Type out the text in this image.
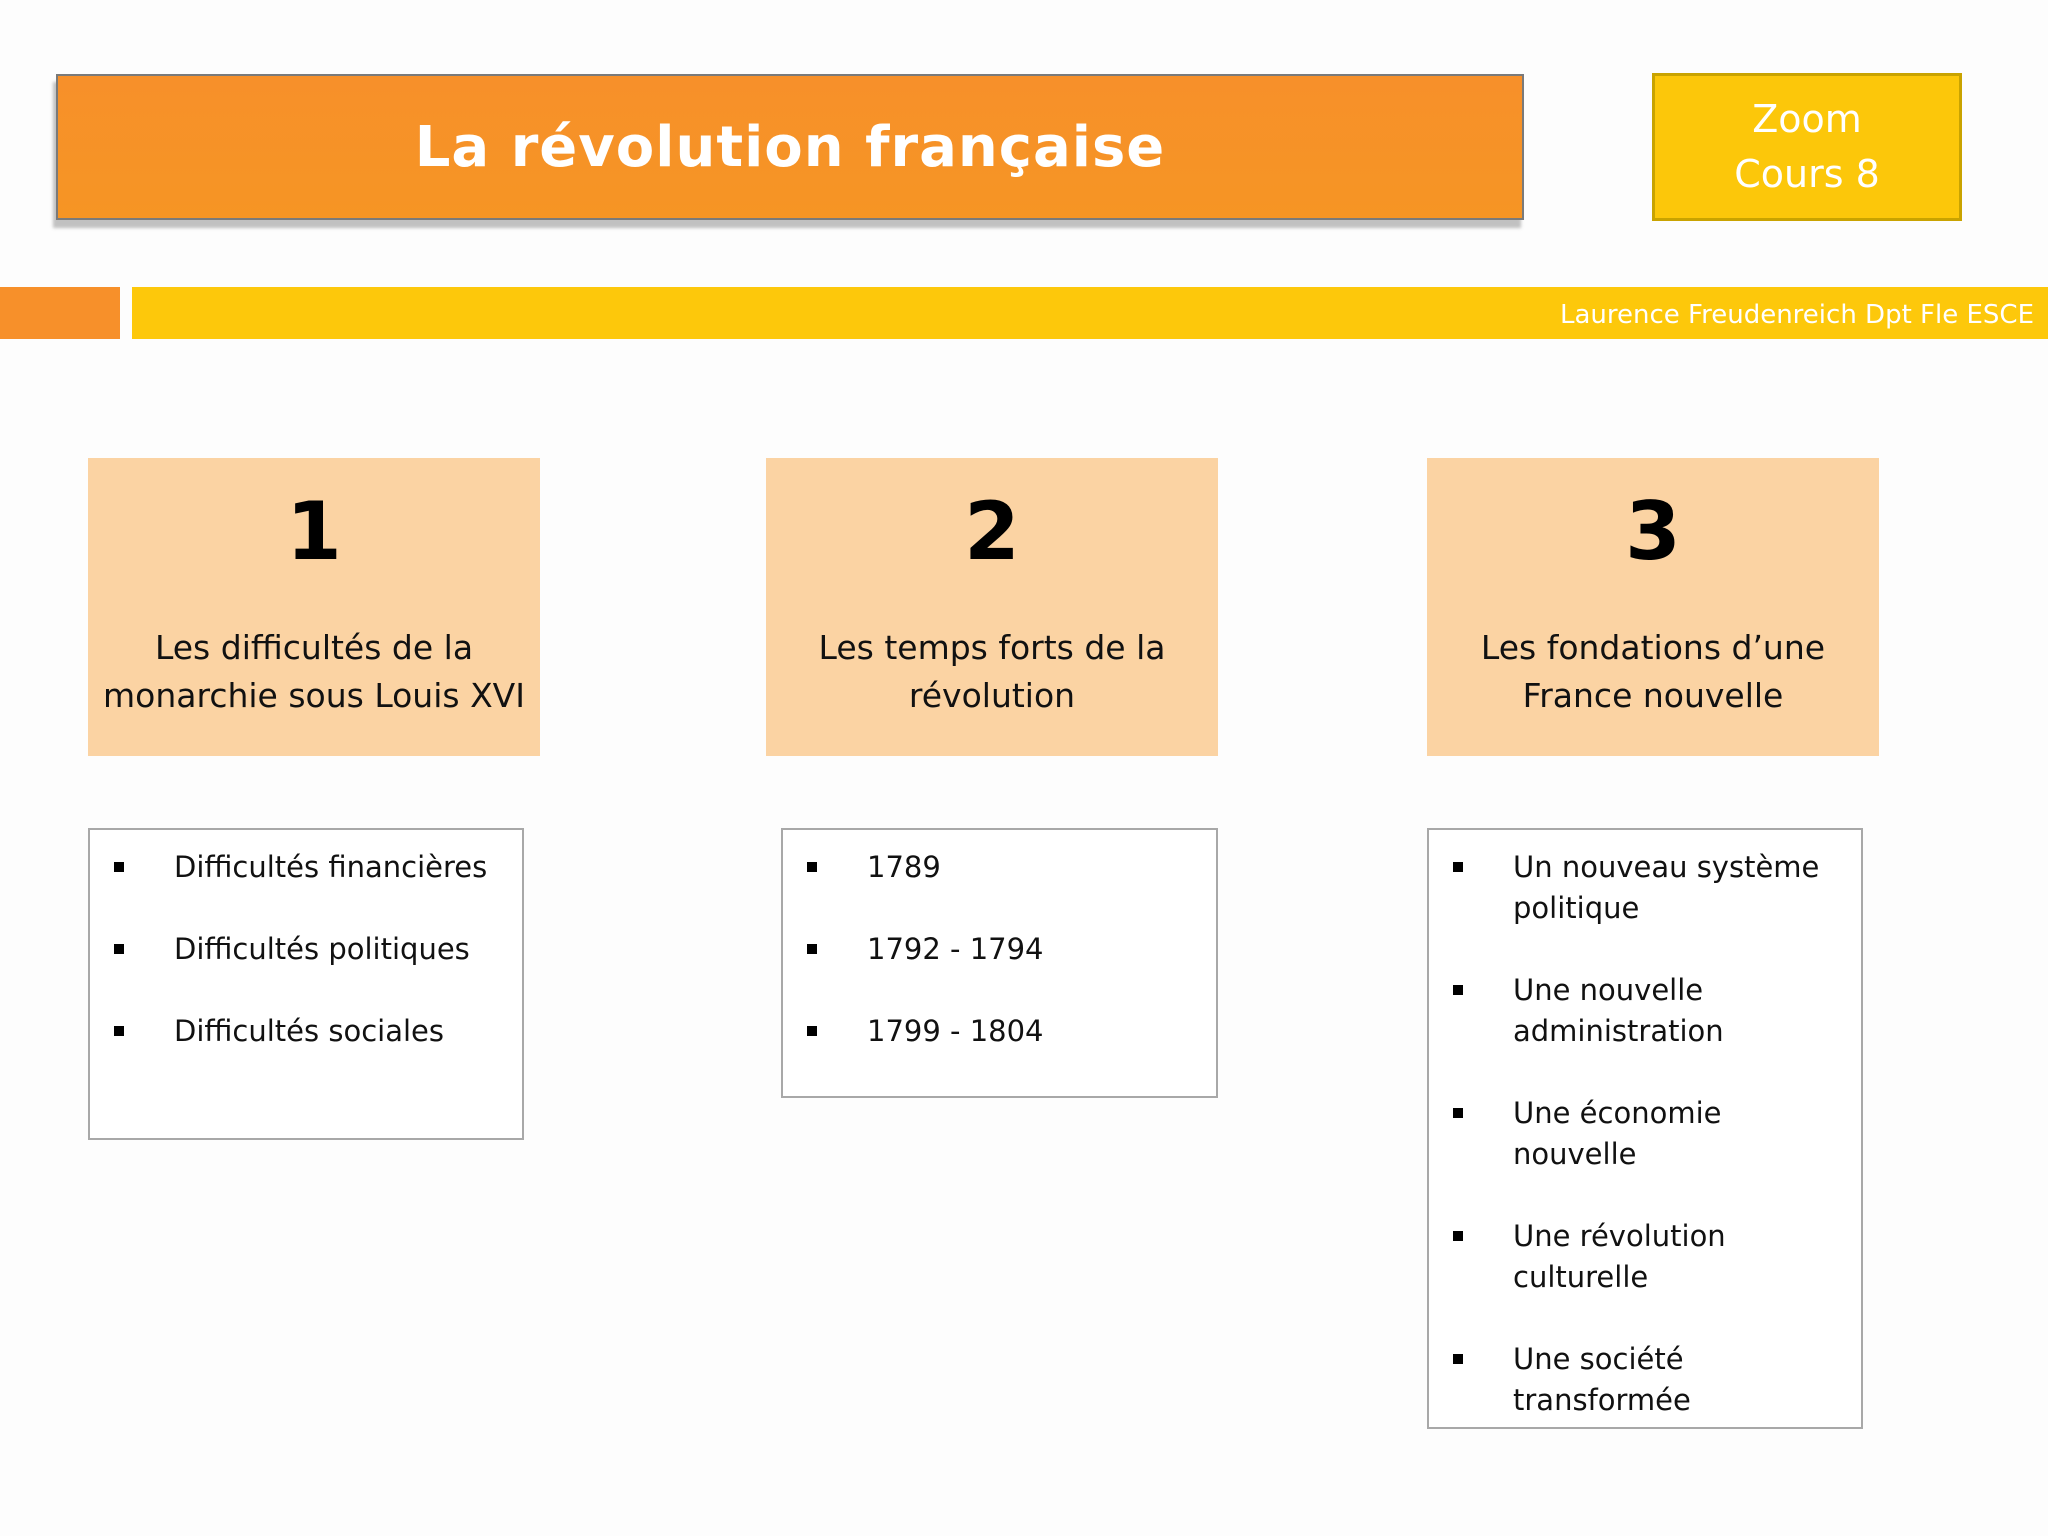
La révolution française	Zoom
Cours 8
Laurence Freudenreich Dpt Fle ESCE
1
Les difficultés de la
monarchie sous Louis XVI
2
Les temps forts de la
révolution
3
Les fondations d’une
France nouvelle
Difficultés financières
Difficultés politiques
Difficultés sociales
1789
1792 - 1794
1799 - 1804
Un nouveau système politique
Une nouvelle administration
Une économie nouvelle
Une révolution culturelle
Une société transformée
